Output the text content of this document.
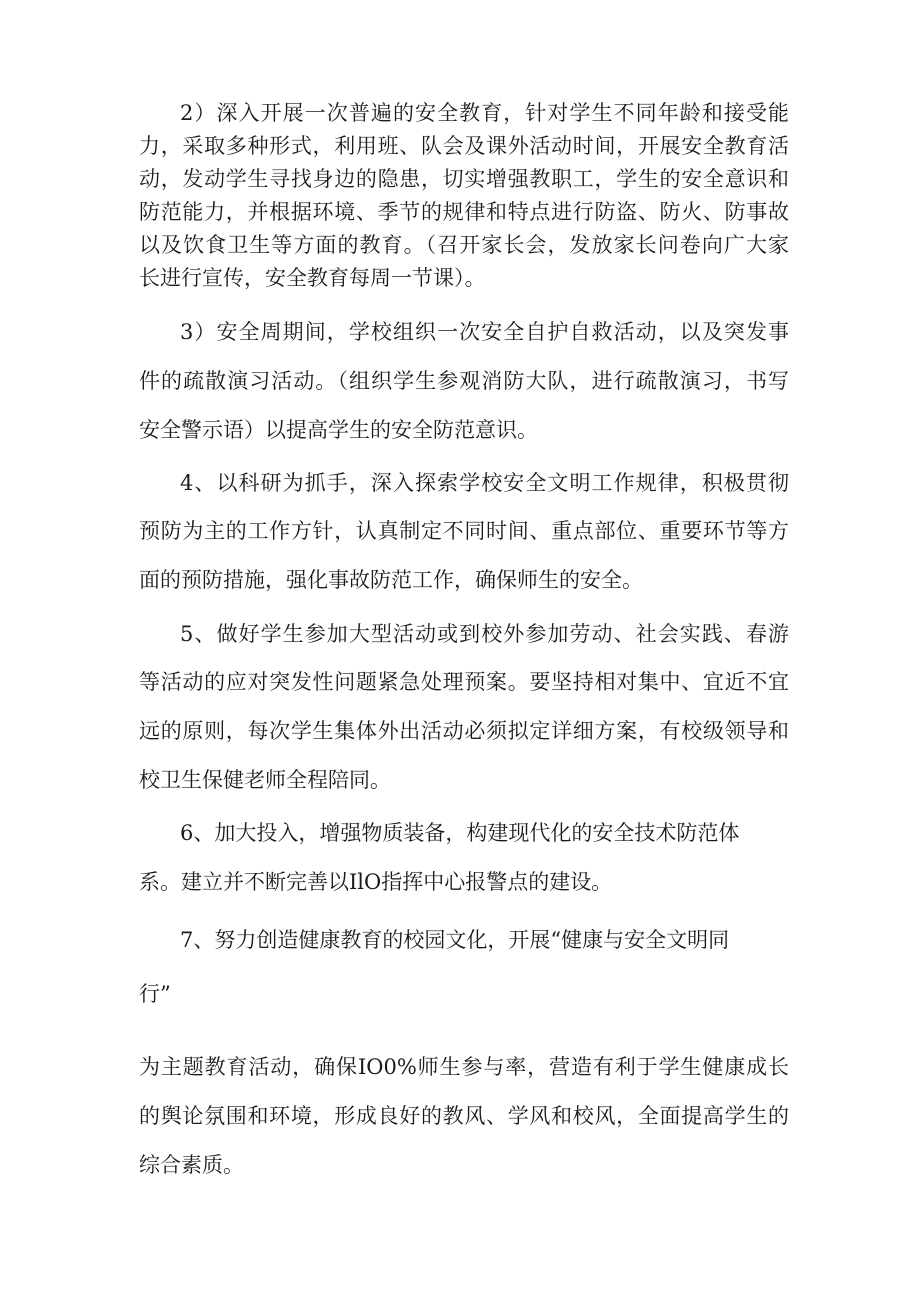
2）深入开展一次普遍的安全教育，针对学生不同年龄和接受能
力，采取多种形式，利用班、队会及课外活动时间，开展安全教育活
动，发动学生寻找身边的隐患，切实增强教职工，学生的安全意识和
防范能力，并根据环境、季节的规律和特点进行防盗、防火、防事故
以及饮食卫生等方面的教育。（召开家长会，发放家长问卷向广大家
长进行宣传，安全教育每周一节课）。
3）安全周期间，学校组织一次安全自护自救活动，以及突发事
件的疏散演习活动。（组织学生参观消防大队，进行疏散演习，书写
安全警示语）以提高学生的安全防范意识。
4、以科研为抓手，深入探索学校安全文明工作规律，积极贯彻
预防为主的工作方针，认真制定不同时间、重点部位、重要环节等方
面的预防措施，强化事故防范工作，确保师生的安全。
5、做好学生参加大型活动或到校外参加劳动、社会实践、春游
等活动的应对突发性问题紧急处理预案。要坚持相对集中、宜近不宜
远的原则，每次学生集体外出活动必须拟定详细方案，有校级领导和
校卫生保健老师全程陪同。
6、加大投入，增强物质装备，构建现代化的安全技术防范体
系。建立并不断完善以IlO指挥中心报警点的建设。
7、努力创造健康教育的校园文化，开展“健康与安全文明同
行”
为主题教育活动，确保IO0%师生参与率，营造有利于学生健康成长
的舆论氛围和环境，形成良好的教风、学风和校风，全面提高学生的
综合素质。
